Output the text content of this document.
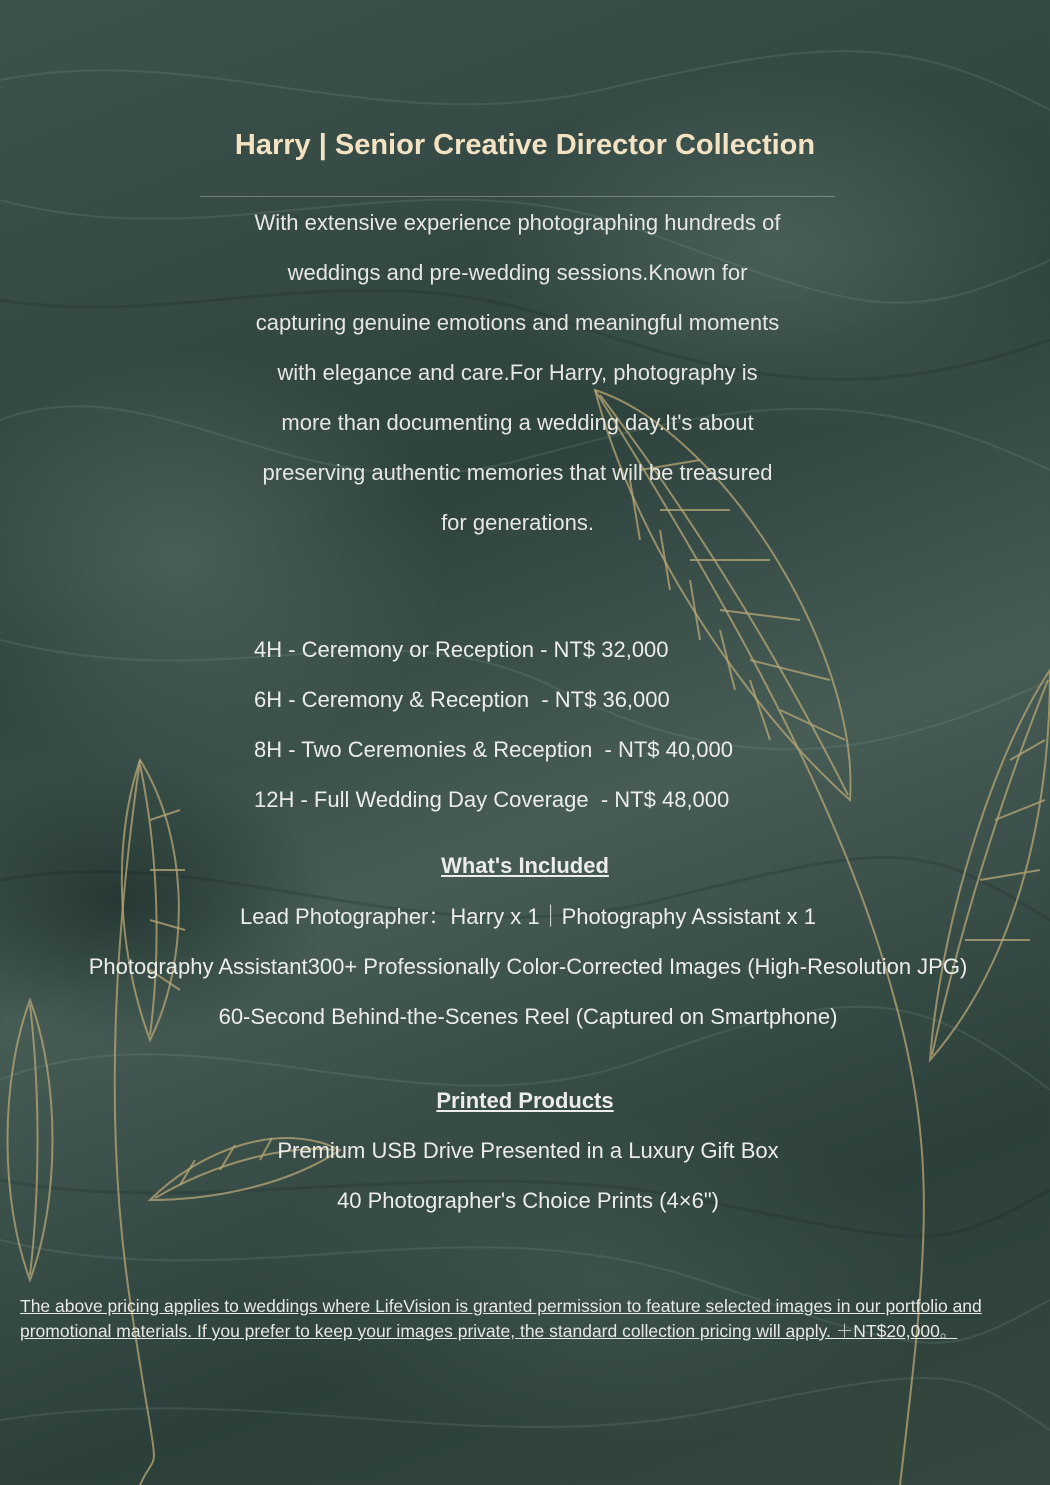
Harry | Senior Creative Director Collection

With extensive experience photographing hundreds of weddings and pre-wedding sessions.Known for capturing genuine emotions and meaningful moments with elegance and care.For Harry, photography is more than documenting a wedding day.It's about preserving authentic memories that will be treasured for generations.

4H - Ceremony or Reception - NT$ 32,000
6H - Ceremony & Reception  - NT$ 36,000
8H - Two Ceremonies & Reception  - NT$ 40,000
12H - Full Wedding Day Coverage  - NT$ 48,000
What's Included
Lead Photographer：Harry x 1｜Photography Assistant x 1
Photography Assistant300+ Professionally Color-Corrected Images (High-Resolution JPG)
60-Second Behind-the-Scenes Reel (Captured on Smartphone)
Printed Products
Premium USB Drive Presented in a Luxury Gift Box
40 Photographer's Choice Prints (4×6")

The above pricing applies to weddings where LifeVision is granted permission to feature selected images in our portfolio and promotional materials. If you prefer to keep your images private, the standard collection pricing will apply. ＋NT$20,000。
